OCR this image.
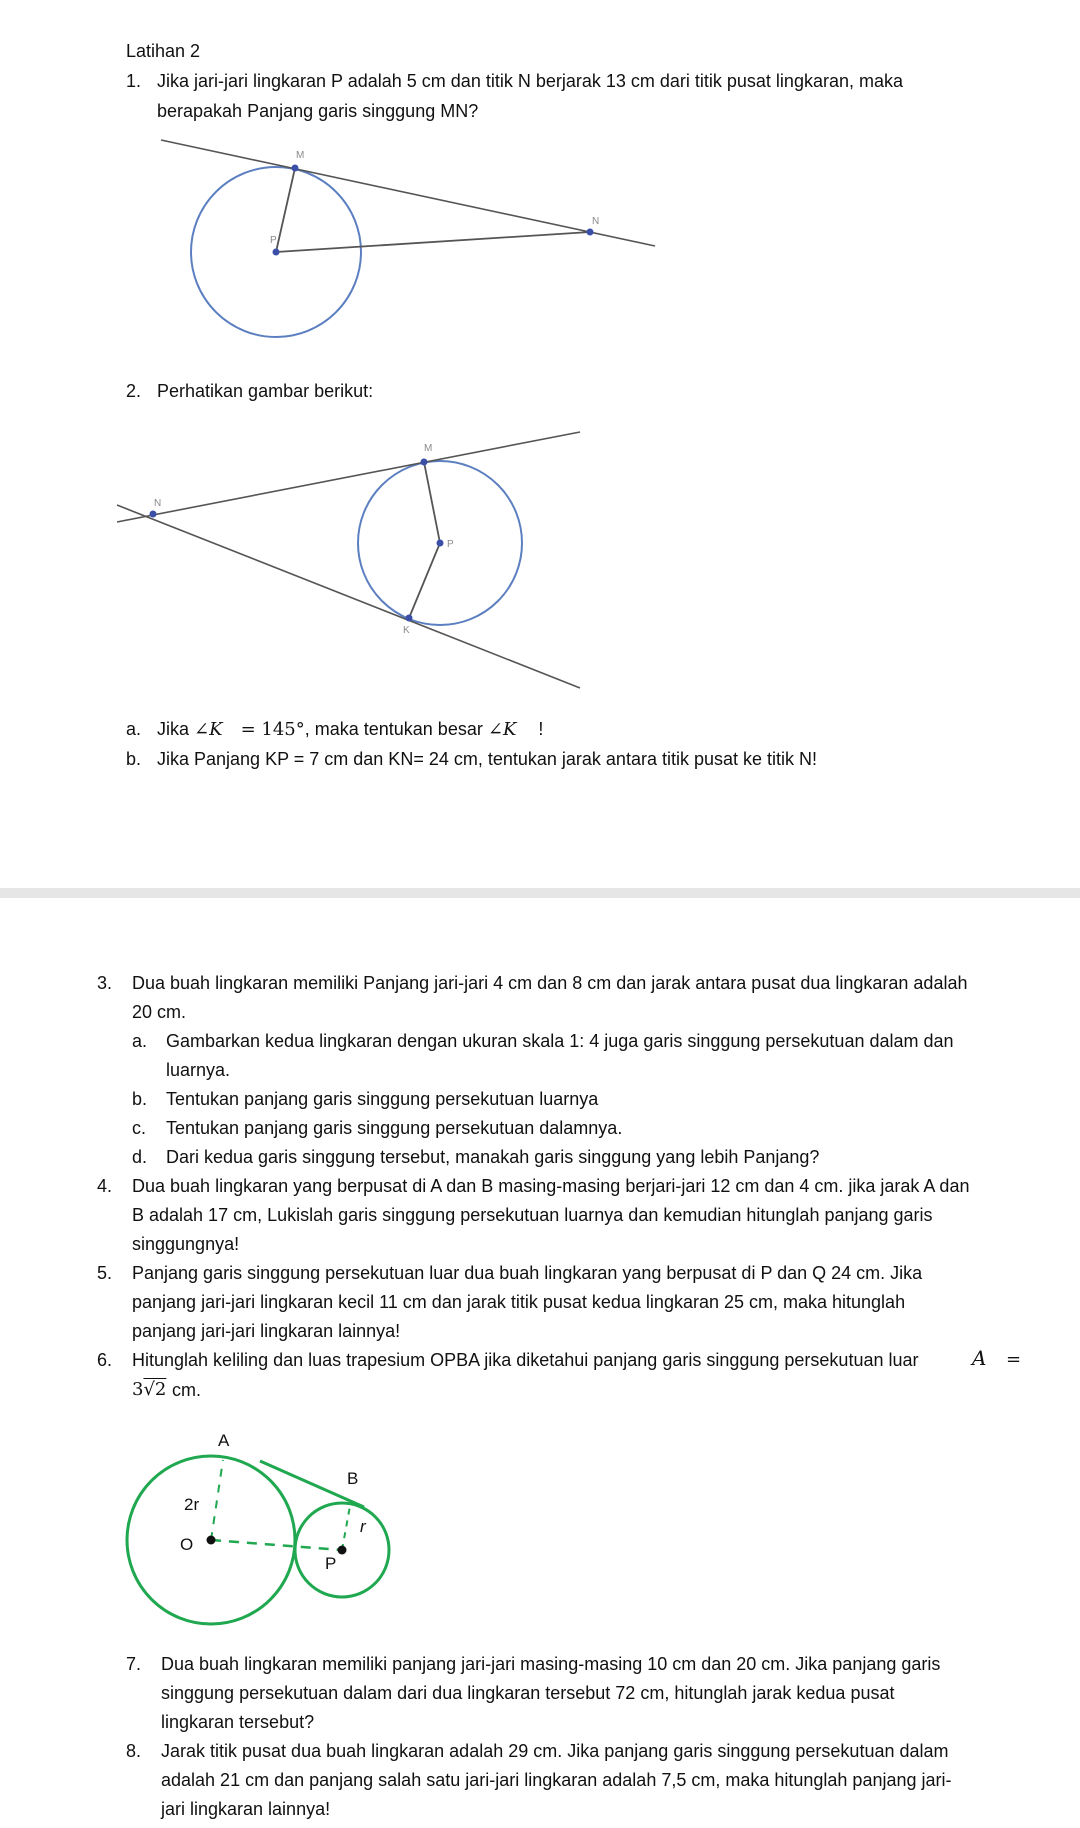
Latihan 2
1. Jika jari-jari lingkaran P adalah 5 cm dan titik N berjarak 13 cm dari titik pusat lingkaran, maka
berapakah Panjang garis singgung MN?
M
P
N
M
N
P
K
2. Perhatikan gambar berikut:
a. Jika ∠K = 145°, maka tentukan besar ∠K !
b. Jika Panjang KP = 7 cm dan KN= 24 cm, tentukan jarak antara titik pusat ke titik N!
3. Dua buah lingkaran memiliki Panjang jari-jari 4 cm dan 8 cm dan jarak antara pusat dua lingkaran adalah
20 cm.
a. Gambarkan kedua lingkaran dengan ukuran skala 1: 4 juga garis singgung persekutuan dalam dan
luarnya.
b. Tentukan panjang garis singgung persekutuan luarnya
c. Tentukan panjang garis singgung persekutuan dalamnya.
d. Dari kedua garis singgung tersebut, manakah garis singgung yang lebih Panjang?
4. Dua buah lingkaran yang berpusat di A dan B masing-masing berjari-jari 12 cm dan 4 cm. jika jarak A dan
B adalah 17 cm, Lukislah garis singgung persekutuan luarnya dan kemudian hitunglah panjang garis
singgungnya!
5. Panjang garis singgung persekutuan luar dua buah lingkaran yang berpusat di P dan Q 24 cm. Jika
panjang jari-jari lingkaran kecil 11 cm dan jarak titik pusat kedua lingkaran 25 cm, maka hitunglah
panjang jari-jari lingkaran lainnya!
6. Hitunglah keliling dan luas trapesium OPBA jika diketahui panjang garis singgung persekutuan luar	A =
3√2 cm.
A
B
2r
r
O
P
7. Dua buah lingkaran memiliki panjang jari-jari masing-masing 10 cm dan 20 cm. Jika panjang garis
singgung persekutuan dalam dari dua lingkaran tersebut 72 cm, hitunglah jarak kedua pusat
lingkaran tersebut?
8. Jarak titik pusat dua buah lingkaran adalah 29 cm. Jika panjang garis singgung persekutuan dalam
adalah 21 cm dan panjang salah satu jari-jari lingkaran adalah 7,5 cm, maka hitunglah panjang jari-
jari lingkaran lainnya!
